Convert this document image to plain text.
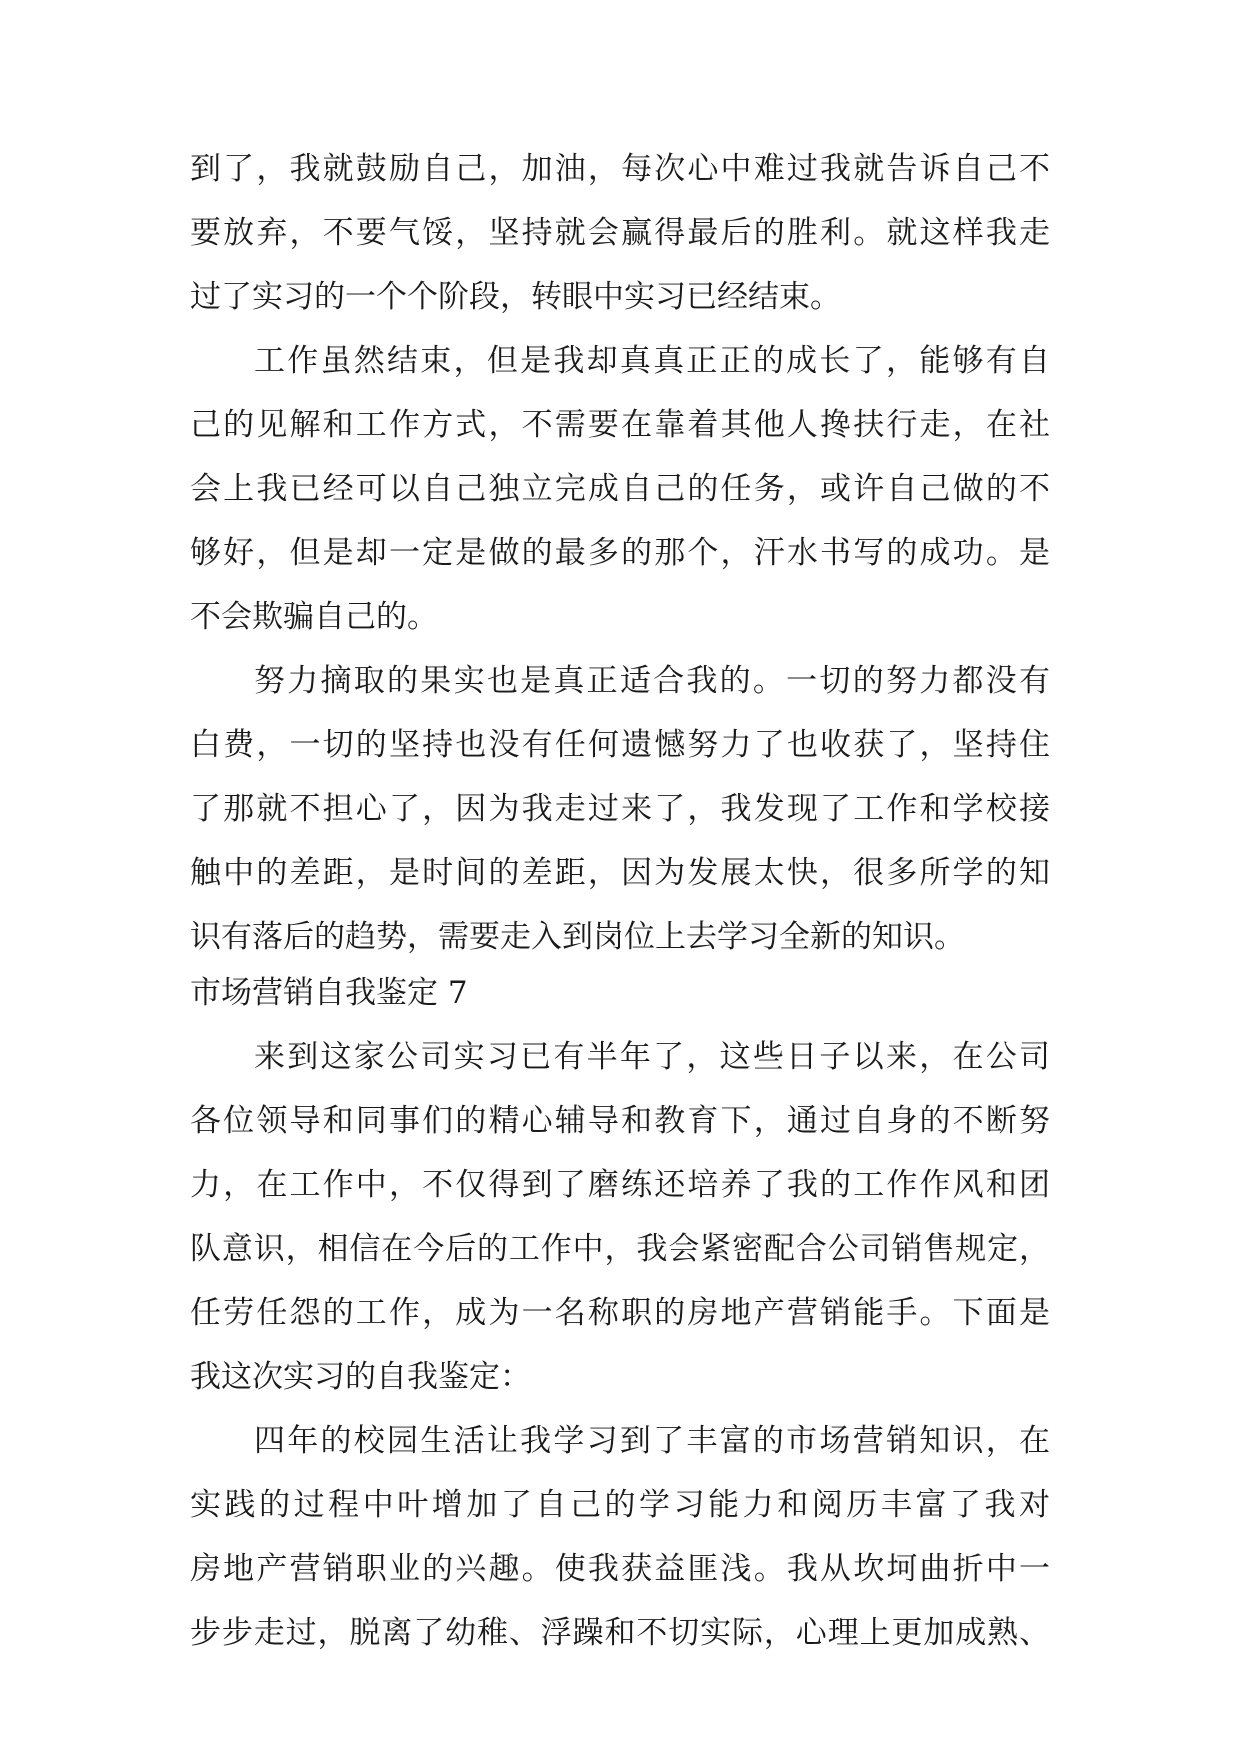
到了，我就鼓励自己，加油，每次心中难过我就告诉自己不
要放弃，不要气馁，坚持就会赢得最后的胜利。就这样我走
过了实习的一个个阶段，转眼中实习已经结束。
工作虽然结束，但是我却真真正正的成长了，能够有自
己的见解和工作方式，不需要在靠着其他人搀扶行走，在社
会上我已经可以自己独立完成自己的任务，或许自己做的不
够好，但是却一定是做的最多的那个，汗水书写的成功。是
不会欺骗自己的。
努力摘取的果实也是真正适合我的。一切的努力都没有
白费，一切的坚持也没有任何遗憾努力了也收获了，坚持住
了那就不担心了，因为我走过来了，我发现了工作和学校接
触中的差距，是时间的差距，因为发展太快，很多所学的知
识有落后的趋势，需要走入到岗位上去学习全新的知识。
市场营销自我鉴定 7
来到这家公司实习已有半年了，这些日子以来，在公司
各位领导和同事们的精心辅导和教育下，通过自身的不断努
力，在工作中，不仅得到了磨练还培养了我的工作作风和团
队意识，相信在今后的工作中，我会紧密配合公司销售规定，
任劳任怨的工作，成为一名称职的房地产营销能手。下面是
我这次实习的自我鉴定：
四年的校园生活让我学习到了丰富的市场营销知识，在
实践的过程中叶增加了自己的学习能力和阅历丰富了我对
房地产营销职业的兴趣。使我获益匪浅。我从坎坷曲折中一
步步走过，脱离了幼稚、浮躁和不切实际，心理上更加成熟、
